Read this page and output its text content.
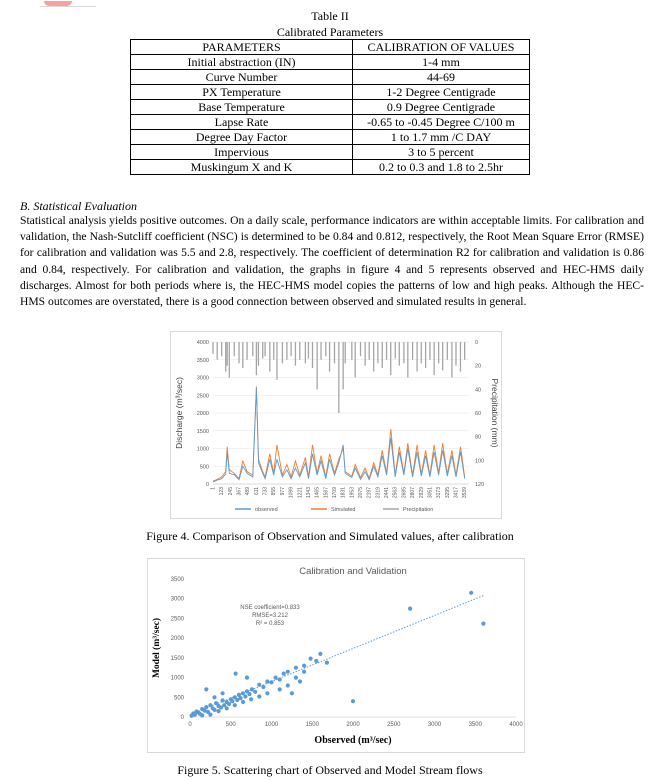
Table II
Calibrated Parameters
PARAMETERS	CALIBRATION OF VALUES
Initial abstraction (IN)	1-4 mm
Curve Number	44-69
PX Temperature	1-2 Degree Centigrade
Base Temperature	0.9 Degree Centigrade
Lapse Rate	-0.65 to -0.45 Degree C/100 m
Degree Day Factor	1 to 1.7 mm /C DAY
Impervious	3 to 5 percent
Muskingum X and K	0.2 to 0.3 and 1.8 to 2.5hr
B. Statistical Evaluation

Statistical analysis yields positive outcomes. On a daily scale, performance indicators are within acceptable limits. For calibration and validation, the Nash-Sutcliff coefficient (NSC) is determined to be 0.84 and 0.812, respectively, the Root Mean Square Error (RMSE) for calibration and validation was 5.5 and 2.8, respectively. The coefficient of determination R2 for calibration and validation is 0.86 and 0.84, respectively. For calibration and validation, the graphs in figure 4 and 5 represents observed and HEC-HMS daily discharges. Almost for both periods where is, the HEC-HMS model copies the patterns of low and high peaks. Although the HEC-HMS outcomes are overstated, there is a good connection between observed and simulated results in general.

0
500
1000
1500
2000
2500
3000
3500
4000	0
20
40
60
80
100
120
1 123 245 367 489 611 733 855 977 1099 1221 1343 1465 1587 1709 1831 1953 2075 2197 2319 2441 2563 2685 2807 2929 3051 3173 3295 3417 3539
Discharge (m³/sec)	Precipitation (mm)
observed	Simulated	Precipitation
Figure 4. Comparison of Observation and Simulated values, after calibration
Calibration and Validation
0
500
1000
1500
2000
2500
3000
3500
0	500	1000	1500	2000	2500	3000	3500	4000
NSE coefficient=0.833
RMSE=3.212
R² = 0.853
Model (m³/sec)
Observed (m³/sec)
Figure 5. Scattering chart of Observed and Model Stream flows
